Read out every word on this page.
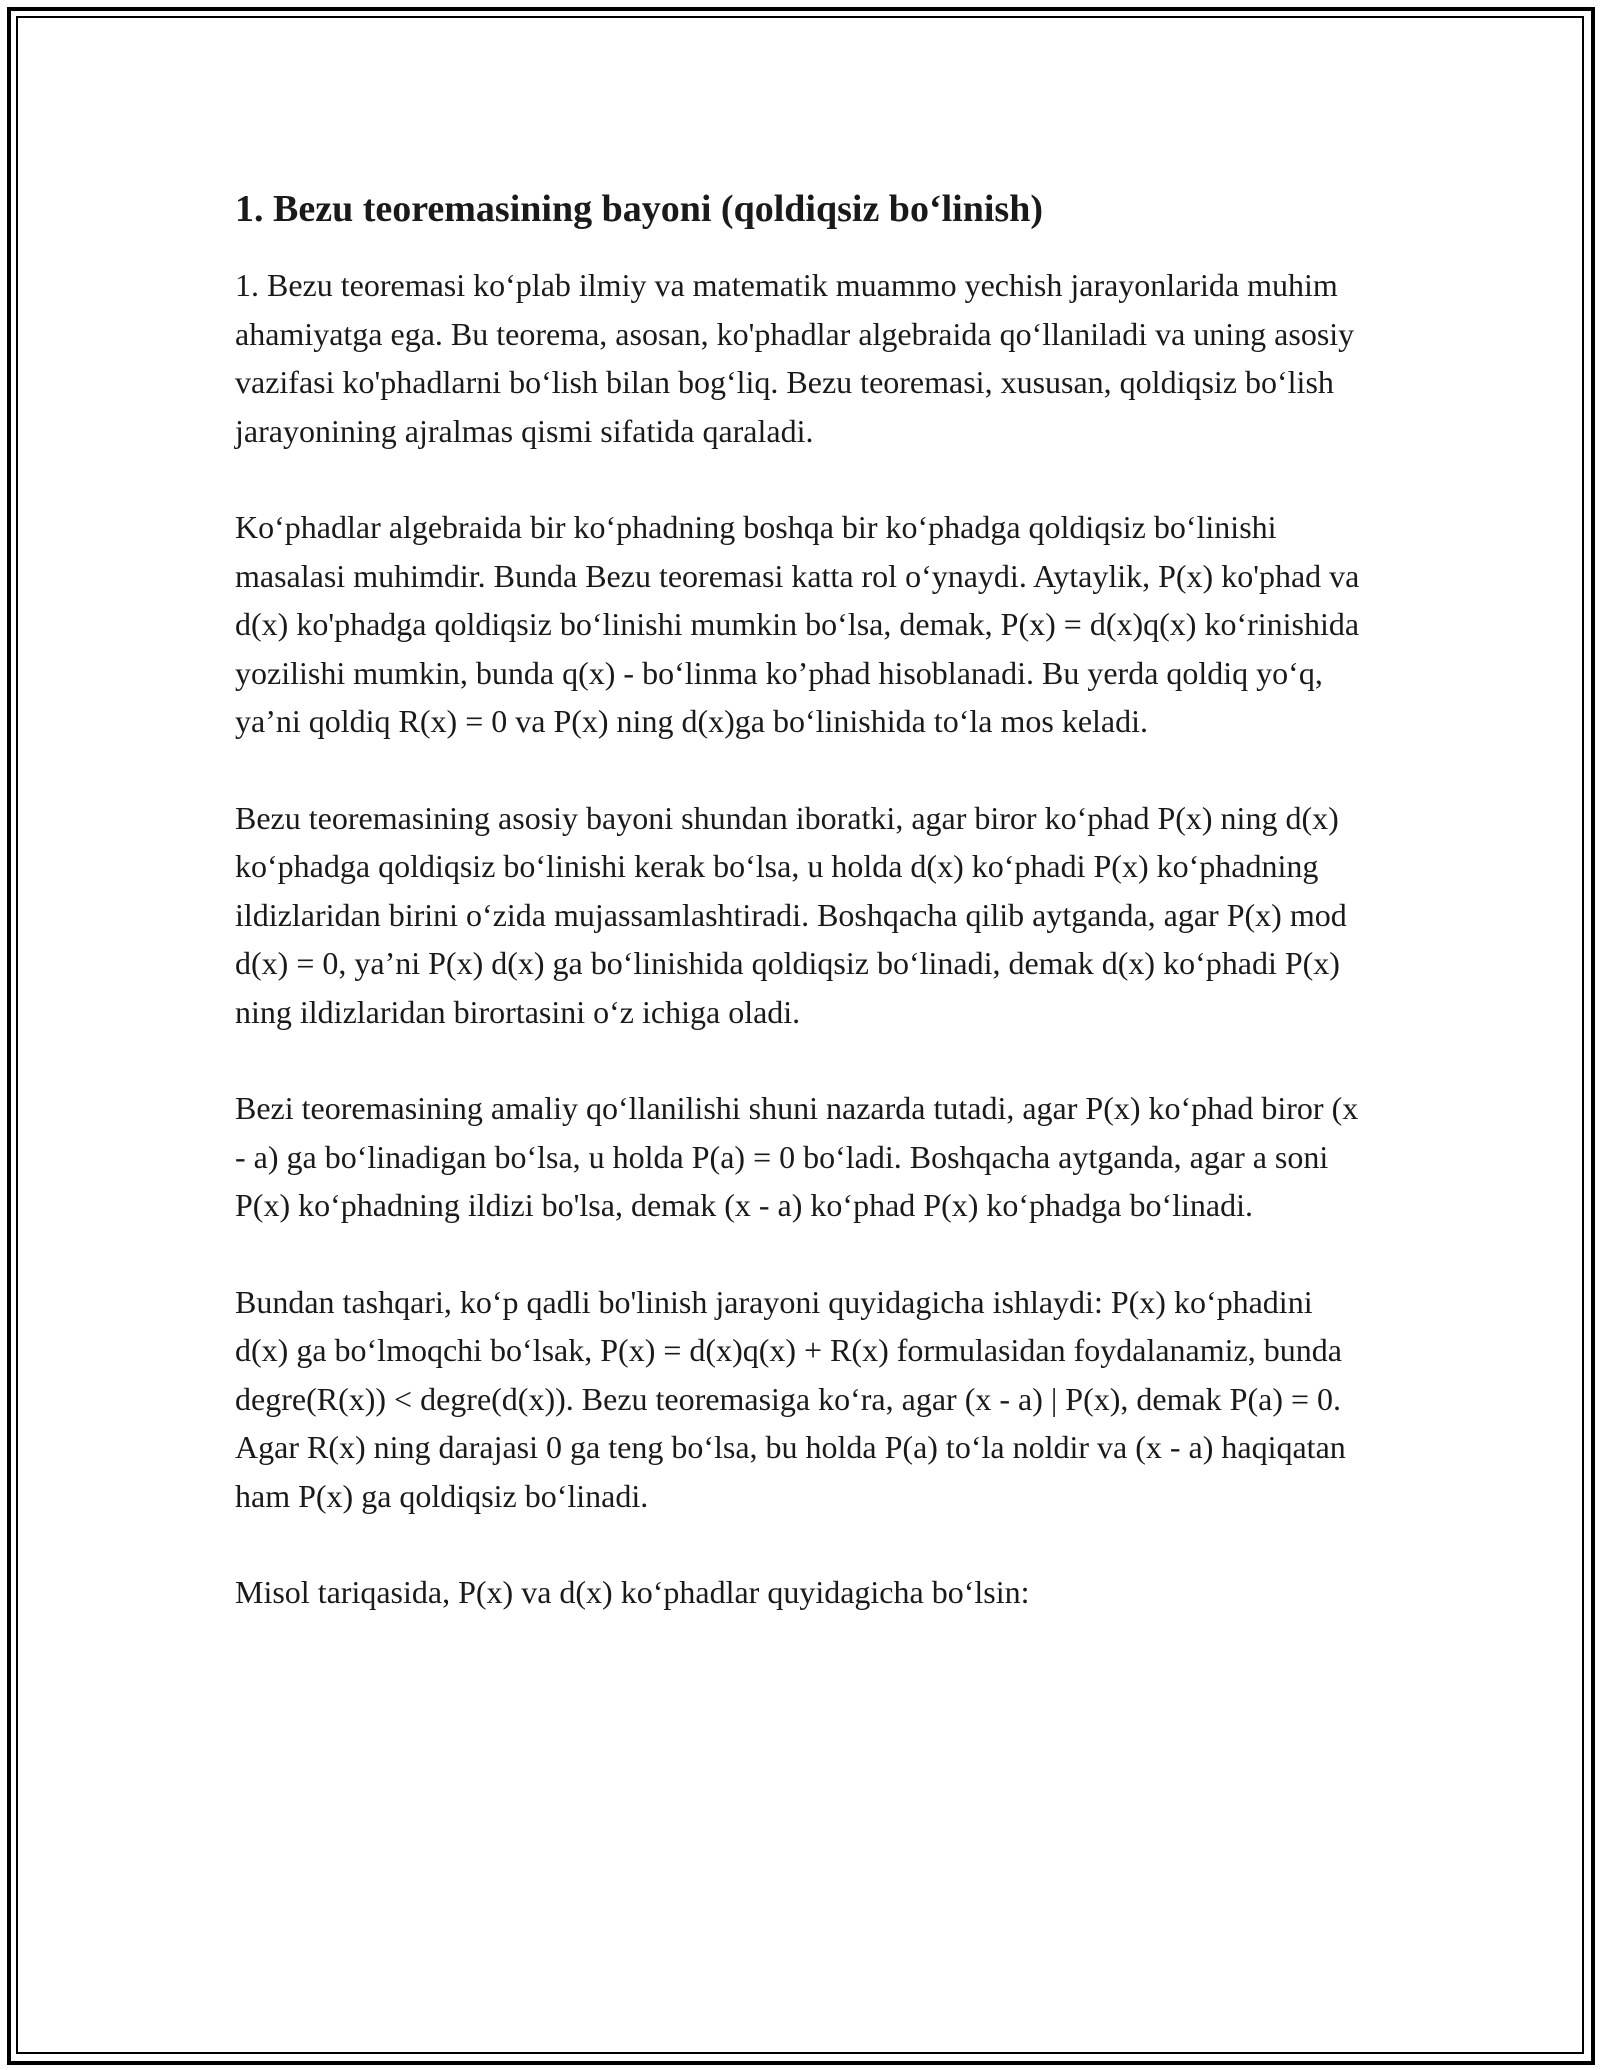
1. Bezu teoremasining bayoni (qoldiqsiz bo‘linish)

1. Bezu teoremasi ko‘plab ilmiy va matematik muammo yechish jarayonlarida muhim ahamiyatga ega. Bu teorema, asosan, ko'phadlar algebraida qo‘llaniladi va uning asosiy vazifasi ko'phadlarni bo‘lish bilan bog‘liq. Bezu teoremasi, xususan, qoldiqsiz bo‘lish jarayonining ajralmas qismi sifatida qaraladi.

Ko‘phadlar algebraida bir ko‘phadning boshqa bir ko‘phadga qoldiqsiz bo‘linishi masalasi muhimdir. Bunda Bezu teoremasi katta rol o‘ynaydi. Aytaylik, P(x) ko'phad va d(x) ko'phadga qoldiqsiz bo‘linishi mumkin bo‘lsa, demak, P(x) = d(x)q(x) ko‘rinishida yozilishi mumkin, bunda q(x) - bo‘linma ko’phad hisoblanadi. Bu yerda qoldiq yo‘q, ya’ni qoldiq R(x) = 0 va P(x) ning d(x)ga bo‘linishida to‘la mos keladi.

Bezu teoremasining asosiy bayoni shundan iboratki, agar biror ko‘phad P(x) ning d(x) ko‘phadga qoldiqsiz bo‘linishi kerak bo‘lsa, u holda d(x) ko‘phadi P(x) ko‘phadning ildizlaridan birini o‘zida mujassamlashtiradi. Boshqacha qilib aytganda, agar P(x) mod d(x) = 0, ya’ni P(x) d(x) ga bo‘linishida qoldiqsiz bo‘linadi, demak d(x) ko‘phadi P(x) ning ildizlaridan birortasini o‘z ichiga oladi.

Bezi teoremasining amaliy qo‘llanilishi shuni nazarda tutadi, agar P(x) ko‘phad biror (x - a) ga bo‘linadigan bo‘lsa, u holda P(a) = 0 bo‘ladi. Boshqacha aytganda, agar a soni P(x) ko‘phadning ildizi bo'lsa, demak (x - a) ko‘phad P(x) ko‘phadga bo‘linadi.

Bundan tashqari, ko‘p qadli bo'linish jarayoni quyidagicha ishlaydi: P(x) ko‘phadini d(x) ga bo‘lmoqchi bo‘lsak, P(x) = d(x)q(x) + R(x) formulasidan foydalanamiz, bunda degre(R(x)) < degre(d(x)). Bezu teoremasiga ko‘ra, agar (x - a) | P(x), demak P(a) = 0. Agar R(x) ning darajasi 0 ga teng bo‘lsa, bu holda P(a) to‘la noldir va (x - a) haqiqatan ham P(x) ga qoldiqsiz bo‘linadi.

Misol tariqasida, P(x) va d(x) ko‘phadlar quyidagicha bo‘lsin:
